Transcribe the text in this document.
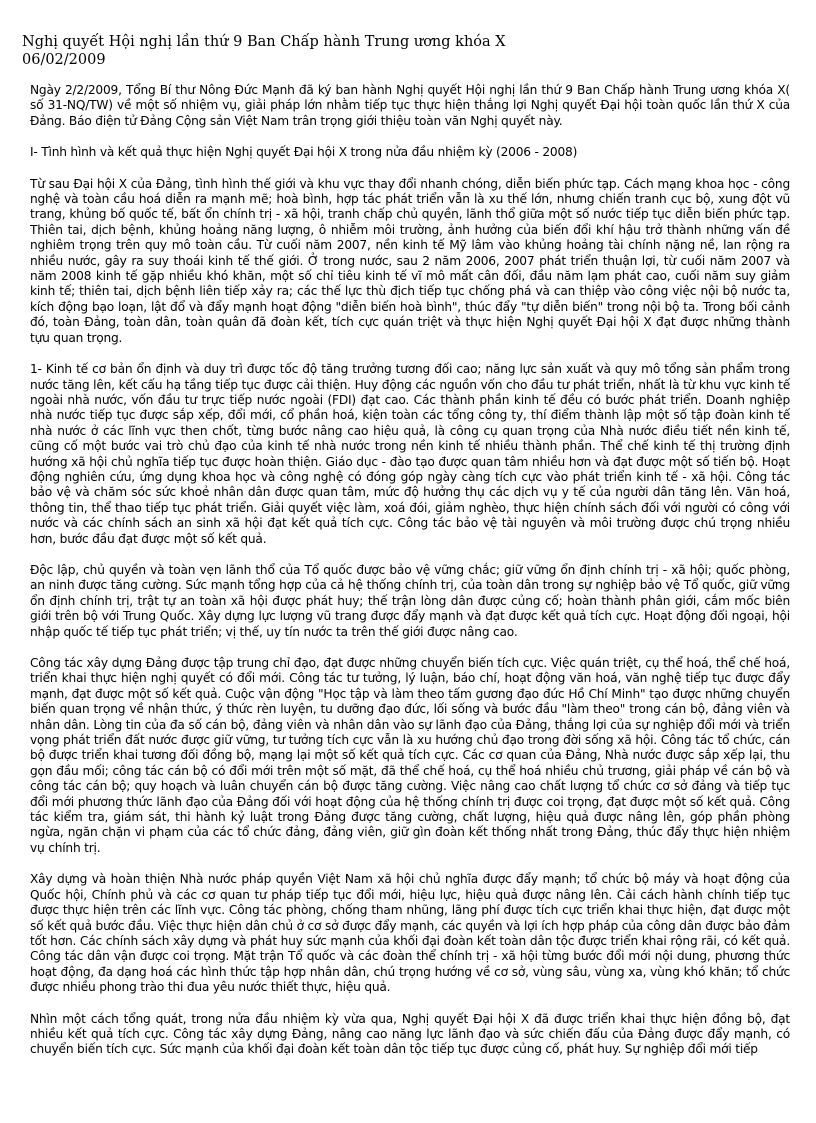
Nghị quyết Hội nghị lần thứ 9 Ban Chấp hành Trung ương khóa X
06/02/2009

Ngày 2/2/2009, Tổng Bí thư Nông Đức Mạnh đã ký ban hành Nghị quyết Hội nghị lần thứ 9 Ban Chấp hành Trung ương khóa X( số 31-NQ/TW) về một số nhiệm vụ, giải pháp lớn nhằm tiếp tục thực hiện thắng lợi Nghị quyết Đại hội toàn quốc lần thứ X của Đảng. Báo điện tử Đảng Cộng sản Việt Nam trân trọng giới thiệu toàn văn Nghị quyết này.

I- Tình hình và kết quả thực hiện Nghị quyết Đại hội X trong nửa đầu nhiệm kỳ (2006 - 2008)

Từ sau Đại hội X của Đảng, tình hình thế giới và khu vực thay đổi nhanh chóng, diễn biến phức tạp. Cách mạng khoa học - công nghệ và toàn cầu hoá diễn ra mạnh mẽ; hoà bình, hợp tác phát triển vẫn là xu thế lớn, nhưng chiến tranh cục bộ, xung đột vũ trang, khủng bố quốc tế, bất ổn chính trị - xã hội, tranh chấp chủ quyền, lãnh thổ giữa một số nước tiếp tục diễn biến phức tạp. Thiên tai, dịch bệnh, khủng hoảng năng lượng, ô nhiễm môi trường, ảnh hưởng của biến đổi khí hậu trở thành những vấn đề nghiêm trọng trên quy mô toàn cầu. Từ cuối năm 2007, nền kinh tế Mỹ lâm vào khủng hoảng tài chính nặng nề, lan rộng ra nhiều nước, gây ra suy thoái kinh tế thế giới. Ở trong nước, sau 2 năm 2006, 2007 phát triển thuận lợi, từ cuối năm 2007 và năm 2008 kinh tế gặp nhiều khó khăn, một số chỉ tiêu kinh tế vĩ mô mất cân đối, đầu năm lạm phát cao, cuối năm suy giảm kinh tế; thiên tai, dịch bệnh liên tiếp xảy ra; các thế lực thù địch tiếp tục chống phá và can thiệp vào công việc nội bộ nước ta, kích động bạo loạn, lật đổ và đẩy mạnh hoạt động "diễn biến hoà bình", thúc đẩy "tự diễn biến" trong nội bộ ta. Trong bối cảnh đó, toàn Đảng, toàn dân, toàn quân đã đoàn kết, tích cực quán triệt và thực hiện Nghị quyết Đại hội X đạt được những thành tựu quan trọng.

1- Kinh tế cơ bản ổn định và duy trì được tốc độ tăng trưởng tương đối cao; năng lực sản xuất và quy mô tổng sản phẩm trong nước tăng lên, kết cấu hạ tầng tiếp tục được cải thiện. Huy động các nguồn vốn cho đầu tư phát triển, nhất là từ khu vực kinh tế ngoài nhà nước, vốn đầu tư trực tiếp nước ngoài (FDI) đạt cao. Các thành phần kinh tế đều có bước phát triển. Doanh nghiệp nhà nước tiếp tục được sắp xếp, đổi mới, cổ phần hoá, kiện toàn các tổng công ty, thí điểm thành lập một số tập đoàn kinh tế nhà nước ở các lĩnh vực then chốt, từng bước nâng cao hiệu quả, là công cụ quan trọng của Nhà nước điều tiết nền kinh tế, cũng cố một bước vai trò chủ đạo của kinh tế nhà nước trong nền kinh tế nhiều thành phần. Thể chế kinh tế thị trường định hướng xã hội chủ nghĩa tiếp tục được hoàn thiện. Giáo dục - đào tạo được quan tâm nhiều hơn và đạt được một số tiến bộ. Hoạt động nghiên cứu, ứng dụng khoa học và công nghệ có đóng góp ngày càng tích cực vào phát triển kinh tế - xã hội. Công tác bảo vệ và chăm sóc sức khoẻ nhân dân được quan tâm, mức độ hưởng thụ các dịch vụ y tế của người dân tăng lên. Văn hoá, thông tin, thể thao tiếp tục phát triển. Giải quyết việc làm, xoá đói, giảm nghèo, thực hiện chính sách đối với người có công với nước và các chính sách an sinh xã hội đạt kết quả tích cực. Công tác bảo vệ tài nguyên và môi trường được chú trọng nhiều hơn, bước đầu đạt được một số kết quả.

Độc lập, chủ quyền và toàn vẹn lãnh thổ của Tổ quốc được bảo vệ vững chắc; giữ vững ổn định chính trị - xã hội; quốc phòng, an ninh được tăng cường. Sức mạnh tổng hợp của cả hệ thống chính trị, của toàn dân trong sự nghiệp bảo vệ Tổ quốc, giữ vững ổn định chính trị, trật tự an toàn xã hội được phát huy; thế trận lòng dân được củng cố; hoàn thành phân giới, cắm mốc biên giới trên bộ với Trung Quốc. Xây dựng lực lượng vũ trang được đẩy mạnh và đạt được kết quả tích cực. Hoạt động đối ngoại, hội nhập quốc tế tiếp tục phát triển; vị thế, uy tín nước ta trên thế giới được nâng cao.

Công tác xây dựng Đảng được tập trung chỉ đạo, đạt được những chuyển biến tích cực. Việc quán triệt, cụ thể hoá, thể chế hoá, triển khai thực hiện nghị quyết có đổi mới. Công tác tư tưởng, lý luận, báo chí, hoạt động văn hoá, văn nghệ tiếp tục được đẩy mạnh, đạt được một số kết quả. Cuộc vận động "Học tập và làm theo tấm gương đạo đức Hồ Chí Minh" tạo được những chuyển biến quan trọng về nhận thức, ý thức rèn luyện, tu dưỡng đạo đức, lối sống và bước đầu "làm theo" trong cán bộ, đảng viên và nhân dân. Lòng tin của đa số cán bộ, đảng viên và nhân dân vào sự lãnh đạo của Đảng, thắng lợi của sự nghiệp đổi mới và triển vọng phát triển đất nước được giữ vững, tư tưởng tích cực vẫn là xu hướng chủ đạo trong đời sống xã hội. Công tác tổ chức, cán bộ được triển khai tương đối đồng bộ, mạng lại một số kết quả tích cực. Các cơ quan của Đảng, Nhà nước được sắp xếp lại, thu gọn đầu mối; công tác cán bộ có đổi mới trên một số mặt, đã thể chế hoá, cụ thể hoá nhiều chủ trương, giải pháp về cán bộ và công tác cán bộ; quy hoạch và luân chuyển cán bộ được tăng cường. Việc nâng cao chất lượng tổ chức cơ sở đảng và tiếp tục đổi mới phương thức lãnh đạo của Đảng đối với hoạt động của hệ thống chính trị được coi trọng, đạt được một số kết quả. Công tác kiểm tra, giám sát, thi hành kỷ luật trong Đảng được tăng cường, chất lượng, hiệu quả được nâng lên, góp phần phòng ngừa, ngăn chặn vi phạm của các tổ chức đảng, đảng viên, giữ gìn đoàn kết thống nhất trong Đảng, thúc đẩy thực hiện nhiệm vụ chính trị.

Xây dựng và hoàn thiện Nhà nước pháp quyền Việt Nam xã hội chủ nghĩa được đẩy mạnh; tổ chức bộ máy và hoạt động của Quốc hội, Chính phủ và các cơ quan tư pháp tiếp tục đổi mới, hiệu lực, hiệu quả được nâng lên. Cải cách hành chính tiếp tục được thực hiện trên các lĩnh vực. Công tác phòng, chống tham nhũng, lãng phí được tích cực triển khai thực hiện, đạt được một số kết quả bước đầu. Việc thực hiện dân chủ ở cơ sở được đẩy mạnh, các quyền và lợi ích hợp pháp của công dân được bảo đảm tốt hơn. Các chính sách xây dựng và phát huy sức mạnh của khối đại đoàn kết toàn dân tộc được triển khai rộng rãi, có kết quả. Công tác dân vận được coi trọng. Mặt trận Tổ quốc và các đoàn thể chính trị - xã hội từng bước đổi mới nội dung, phương thức hoạt động, đa dạng hoá các hình thức tập hợp nhân dân, chú trọng hướng về cơ sở, vùng sâu, vùng xa, vùng khó khăn; tổ chức được nhiều phong trào thi đua yêu nước thiết thực, hiệu quả.

Nhìn một cách tổng quát, trong nửa đầu nhiệm kỳ vừa qua, Nghị quyết Đại hội X đã được triển khai thực hiện đồng bộ, đạt nhiều kết quả tích cực. Công tác xây dựng Đảng, nâng cao năng lực lãnh đạo và sức chiến đấu của Đảng được đẩy mạnh, có chuyển biến tích cực. Sức mạnh của khối đại đoàn kết toàn dân tộc tiếp tục được củng cố, phát huy. Sự nghiệp đổi mới tiếp
